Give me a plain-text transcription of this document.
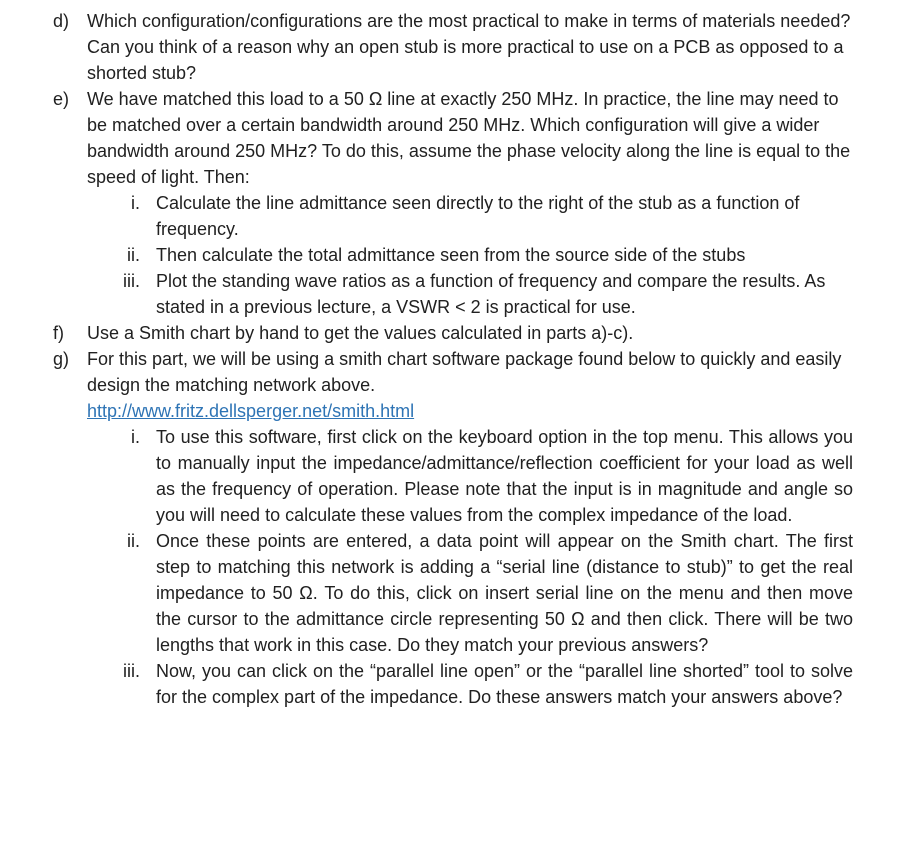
d) Which configuration/configurations are the most practical to make in terms of materials needed? Can you think of a reason why an open stub is more practical to use on a PCB as opposed to a shorted stub?

e) We have matched this load to a 50 Ω line at exactly 250 MHz. In practice, the line may need to be matched over a certain bandwidth around 250 MHz. Which configuration will give a wider bandwidth around 250 MHz? To do this, assume the phase velocity along the line is equal to the speed of light. Then:

i. Calculate the line admittance seen directly to the right of the stub as a function of frequency.

ii. Then calculate the total admittance seen from the source side of the stubs

iii. Plot the standing wave ratios as a function of frequency and compare the results. As stated in a previous lecture, a VSWR < 2 is practical for use.

f) Use a Smith chart by hand to get the values calculated in parts a)-c).

g) For this part, we will be using a smith chart software package found below to quickly and easily design the matching network above.

http://www.fritz.dellsperger.net/smith.html
i. To use this software, first click on the keyboard option in the top menu. This allows you to manually input the impedance/admittance/reflection coefficient for your load as well as the frequency of operation. Please note that the input is in magnitude and angle so you will need to calculate these values from the complex impedance of the load.

ii. Once these points are entered, a data point will appear on the Smith chart. The first step to matching this network is adding a “serial line (distance to stub)” to get the real impedance to 50 Ω. To do this, click on insert serial line on the menu and then move the cursor to the admittance circle representing 50 Ω and then click. There will be two lengths that work in this case. Do they match your previous answers?

iii. Now, you can click on the “parallel line open” or the “parallel line shorted” tool to solve for the complex part of the impedance. Do these answers match your answers above?
